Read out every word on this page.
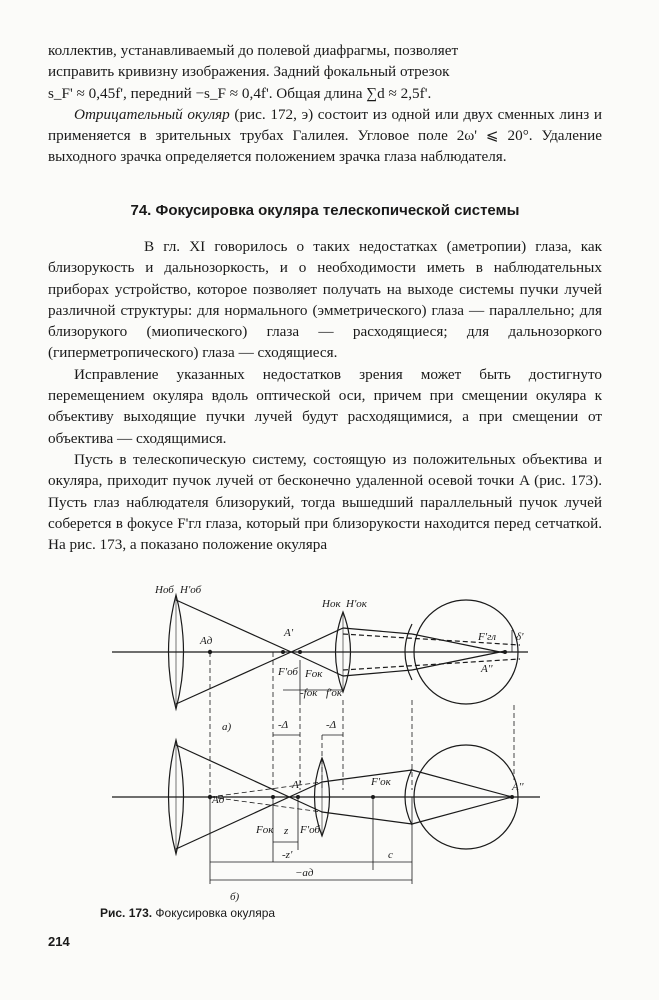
коллектив, устанавливаемый до полевой диафрагмы, позволяет
исправить кривизну изображения. Задний фокальный отрезок
s_F' ≈ 0,45f', передний −s_F ≈ 0,4f'. Общая длина ∑d ≈ 2,5f'.

Отрицательный окуляр (рис. 172, э) состоит из одной или двух сменных линз и применяется в зрительных трубах Галилея. Угловое поле 2ω' ⩽ 20°. Удаление выходного зрачка определяется положением зрачка глаза наблюдателя.

74. Фокусировка окуляра телескопической системы

В гл. XI говорилось о таких недостатках (аметропии) глаза, как близорукость и дальнозоркость, и о необходимости иметь в наблюдательных приборах устройство, которое позволяет получать на выходе системы пучки лучей различной структуры: для нормального (эмметрического) глаза — параллельно; для близорукого (миопического) глаза — расходящиеся; для дальнозоркого (гиперметропического) глаза — сходящиеся.

Исправление указанных недостатков зрения может быть достигнуто перемещением окуляра вдоль оптической оси, причем при смещении окуляра к объективу выходящие пучки лучей будут расходящимися, а при смещении от объектива — сходящимися.

Пусть в телескопическую систему, состоящую из положительных объектива и окуляра, приходит пучок лучей от бесконечно удаленной осевой точки A (рис. 173). Пусть глаз наблюдателя близорукий, тогда вышедший параллельный пучок лучей соберется в фокусе F'гл глаза, который при близорукости находится перед сетчаткой. На рис. 173, а показано положение окуляра

Hоб H'об
Hок H'ок
Aд
A'	F'гл
A''
δ'
F'об Fок
-fок f'ок
а)	-Δ	-Δ
Aд
A'	F'ок	A''
Fок z F'об
-z'	c
−aд
б)
Рис. 173. Фокусировка окуляра
214
